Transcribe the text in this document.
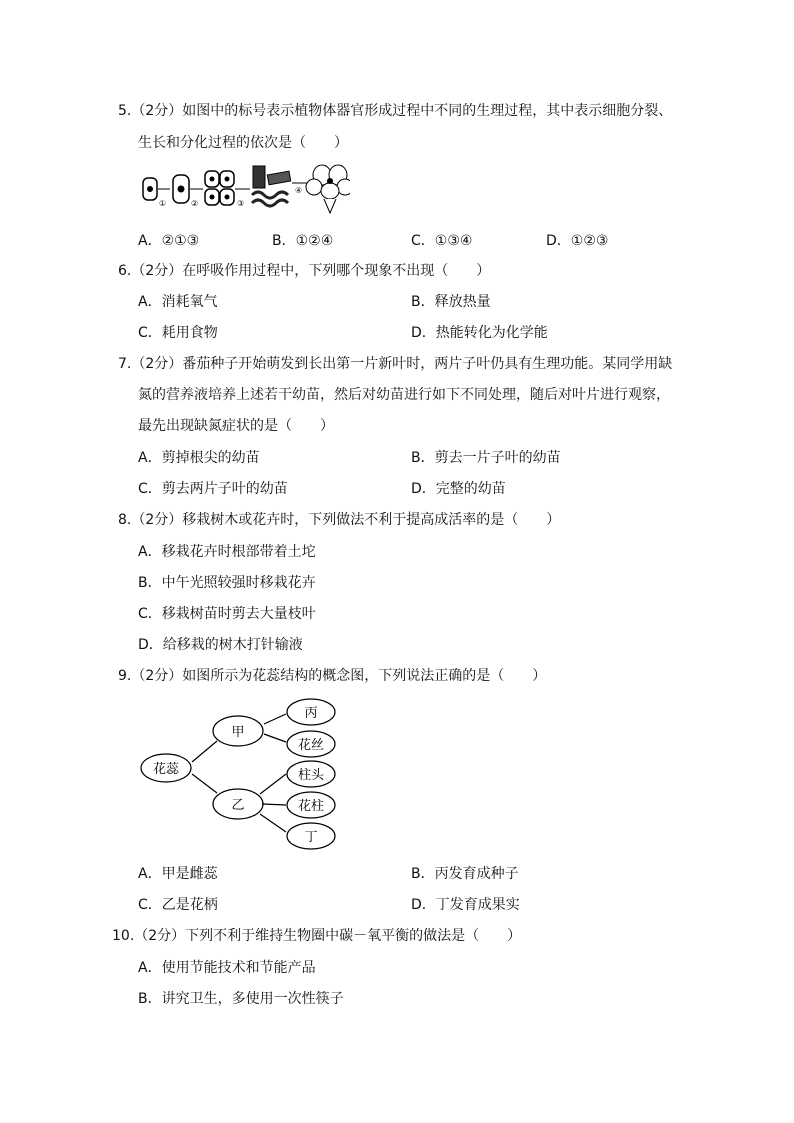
5.（2分）如图中的标号表示植物体器官形成过程中不同的生理过程，其中表示细胞分裂、
生长和分化过程的依次是（　　）
①	②	③
④
A．②①③	B．①②④	C．①③④	D．①②③
6.（2分）在呼吸作用过程中，下列哪个现象不出现（　　）
A．消耗氧气	B．释放热量
C．耗用食物	D．热能转化为化学能
7.（2分）番茄种子开始萌发到长出第一片新叶时，两片子叶仍具有生理功能。某同学用缺
氮的营养液培养上述若干幼苗，然后对幼苗进行如下不同处理，随后对叶片进行观察，
最先出现缺氮症状的是（　　）
A．剪掉根尖的幼苗	B．剪去一片子叶的幼苗
C．剪去两片子叶的幼苗	D．完整的幼苗
8.（2分）移栽树木或花卉时，下列做法不利于提高成活率的是（　　）
A．移栽花卉时根部带着土坨
B．中午光照较强时移栽花卉
C．移栽树苗时剪去大量枝叶
D．给移栽的树木打针输液
9.（2分）如图所示为花蕊结构的概念图，下列说法正确的是（　　）
花蕊
甲
乙
丙
花丝
柱头
花柱
丁
A．甲是雌蕊	B．丙发育成种子
C．乙是花柄	D．丁发育成果实
10.（2分）下列不利于维持生物圈中碳－氧平衡的做法是（　　）
A．使用节能技术和节能产品
B．讲究卫生，多使用一次性筷子
